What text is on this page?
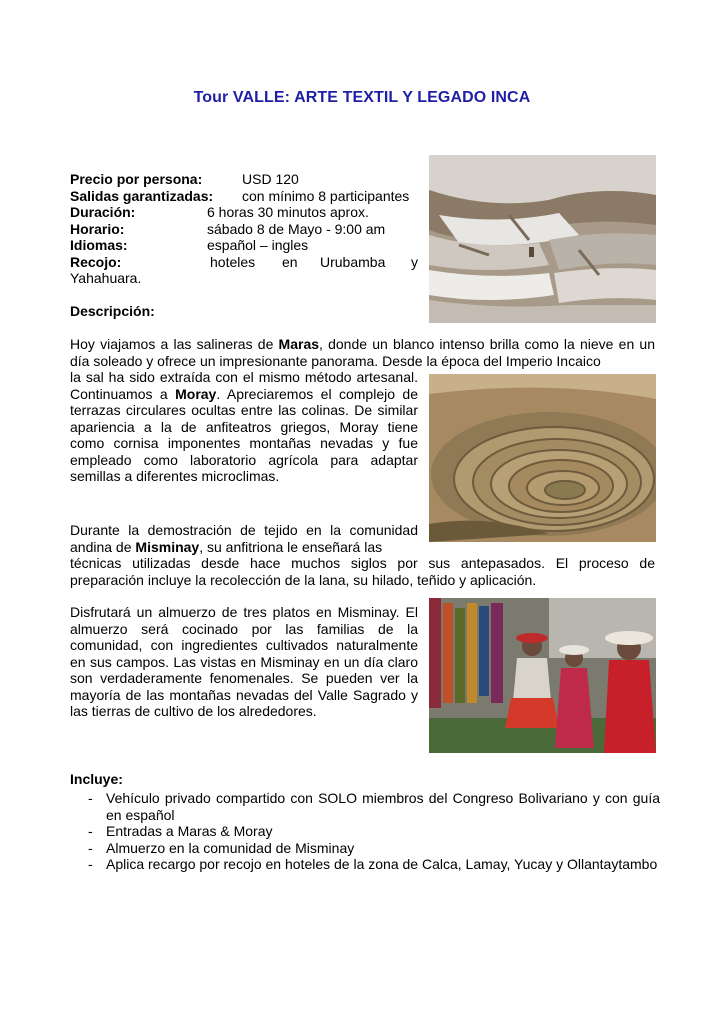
Tour VALLE: ARTE TEXTIL Y LEGADO INCA
Precio por persona:	USD 120
Salidas garantizadas: con mínimo 8 participantes
Duración:	6 horas 30 minutos aprox.
Horario:	sábado 8 de Mayo - 9:00 am
Idiomas:	español – ingles
Recojo:	hoteles en Urubamba y
Yahahuara.
Descripción:
Hoy viajamos a las salineras de Maras, donde un blanco intenso brilla como la nieve en un día soleado y ofrece un impresionante panorama. Desde la época del Imperio Incaico
la sal ha sido extraída con el mismo método artesanal. Continuamos a Moray. Apreciaremos el complejo de terrazas circulares ocultas entre las colinas. De similar apariencia a la de anfiteatros griegos, Moray tiene como cornisa imponentes montañas nevadas y fue empleado como laboratorio agrícola para adaptar semillas a diferentes microclimas.
Durante la demostración de tejido en la comunidad andina de Misminay, su anfitriona le enseñará las
técnicas utilizadas desde hace muchos siglos por sus antepasados. El proceso de preparación incluye la recolección de la lana, su hilado, teñido y aplicación.
Disfrutará un almuerzo de tres platos en Misminay. El almuerzo será cocinado por las familias de la comunidad, con ingredientes cultivados naturalmente en sus campos. Las vistas en Misminay en un día claro son verdaderamente fenomenales. Se pueden ver la mayoría de las montañas nevadas del Valle Sagrado y las tierras de cultivo de los alrededores.
Incluye:
- Vehículo privado compartido con SOLO miembros del Congreso Bolivariano y con guía en español
- Entradas a Maras & Moray
- Almuerzo en la comunidad de Misminay
- Aplica recargo por recojo en hoteles de la zona de Calca, Lamay, Yucay y Ollantaytambo
